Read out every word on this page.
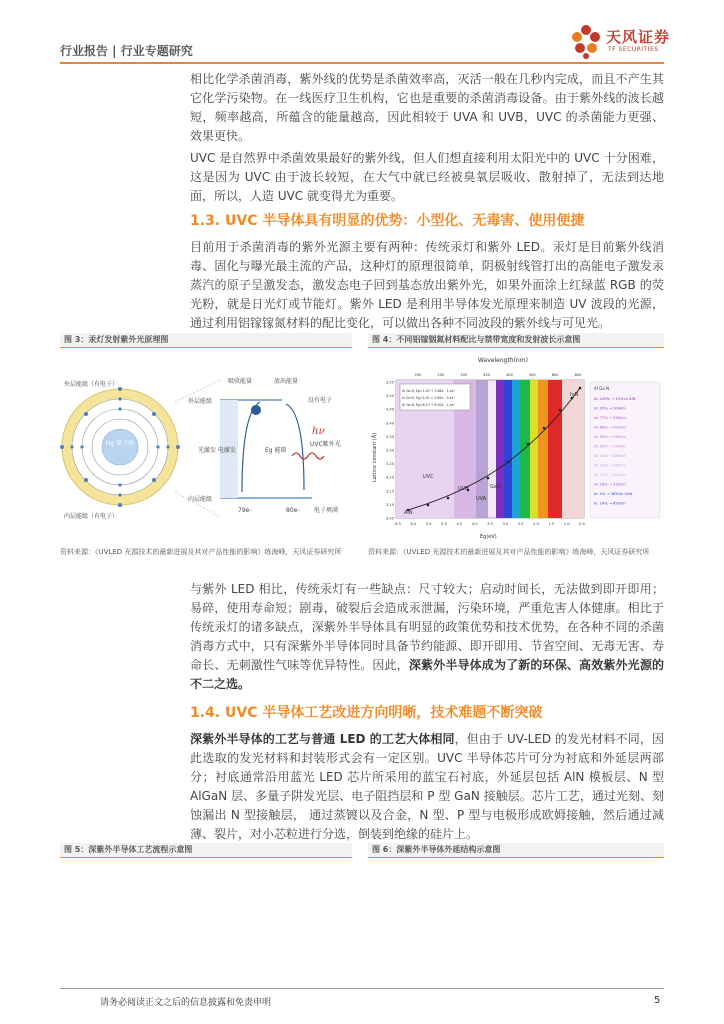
行业报告 | 行业专题研究
天风证券
TF SECURITIES
相比化学杀菌消毒，紫外线的优势是杀菌效率高，灭活一般在几秒内完成，而且不产生其它化学污染物。在一线医疗卫生机构，它也是重要的杀菌消毒设备。由于紫外线的波长越短，频率越高，所蕴含的能量越高，因此相较于 UVA 和 UVB，UVC 的杀菌能力更强、效果更快。
UVC 是自然界中杀菌效果最好的紫外线，但人们想直接利用太阳光中的 UVC 十分困难，这是因为 UVC 由于波长较短，在大气中就已经被臭氧层吸收、散射掉了，无法到达地面，所以，人造 UVC 就变得尤为重要。
1.3. UVC 半导体具有明显的优势：小型化、无毒害、使用便捷
目前用于杀菌消毒的紫外光源主要有两种：传统汞灯和紫外 LED。汞灯是目前紫外线消毒、固化与曝光最主流的产品，这种灯的原理很简单，阴极射线管打出的高能电子激发汞蒸汽的原子呈激发态，激发态电子回到基态放出紫外光，如果外面涂上红绿蓝 RGB 的荧光粉，就是日光灯或节能灯。紫外 LED 是利用半导体发光原理来制造 UV 波段的光源，通过利用铝镓镓氮材料的配比变化，可以做出各种不同波段的紫外线与可见光。
图 3：汞灯发射紫外光原理图	图 4：不同铝镓铟氮材料配比与禁带宽度和发射波长示意图
Hg 原子核
外层能级（有电子）
内层能级（有电子）
吸收能量	放出能量
外层能级
内层能级
光激发 电激发	Eg 能隙
没有电子
hν
UVC紫外光
79e-	80e- 电子填满
Wavelength(nm)
Al Ga N, Eg=1.42 + 2.88x - 1.4x²
In Ga N, Eg=3.42 + 2.65x - 3.4x²
Al Ga N, Eg=6.23 + 6.00x - 1.4x²
UVC
UVB
UVA
AlN
GaN
InN
Lattice constant (Å)
Eg(eV)
3.55
3.50
3.45
3.40
3.35
3.30
3.25
3.20
3.15
3.10
3.05
6.5	6.0	5.5	5.0	4.5	4.0	3.5	3.0	2.5	2.0	1.5	1.0	0.5
200	250	300	350	400	500	600	800
Al Ga N
Al: 100% → 197nm AlN
Al: 95% → 204nm
Al: 77% → 226nm
Al: 68% → 253nm
Al: 60% → 255nm
Al: 50% → 270nm
Al: 44% → 280nm
Al: 39% → 285nm
Al: 30% → 300nm
Al: 18% → 320nm
In: 0% → 365nm GaN
In: 14% → 450nm
资料来源：《UVLED 光源技术的最新进展及其对产品性能的影响》练海峰，天风证券研究所	资料来源：《UVLED 光源技术的最新进展及其对产品性能的影响》练海峰，天风证券研究所
与紫外 LED 相比，传统汞灯有一些缺点：尺寸较大；启动时间长，无法做到即开即用；易碎，使用寿命短；剧毒，破裂后会造成汞泄漏，污染环境，严重危害人体健康。相比于传统汞灯的诸多缺点，深紫外半导体具有明显的政策优势和技术优势，在各种不同的杀菌消毒方式中，只有深紫外半导体同时具备节约能源、即开即用、节省空间、无毒无害、寿命长、无刺激性气味等优异特性。因此，深紫外半导体成为了新的环保、高效紫外光源的不二之选。
1.4. UVC 半导体工艺改进方向明晰，技术难题不断突破
深紫外半导体的工艺与普通 LED 的工艺大体相同，但由于 UV-LED 的发光材料不同，因此选取的发光材料和封装形式会有一定区别。UVC 半导体芯片可分为衬底和外延层两部分；衬底通常沿用蓝光 LED 芯片所采用的蓝宝石衬底，外延层包括 AlN 模板层、N 型 AlGaN 层、多量子阱发光层、电子阻挡层和 P 型 GaN 接触层。芯片工艺，通过光刻、刻蚀漏出 N 型接触层， 通过蒸镀以及合金，N 型、P 型与电极形成欧姆接触，然后通过减薄、裂片，对小芯粒进行分选，倒装到绝缘的硅片上。
图 5：深紫外半导体工艺流程示意图	图 6：深紫外半导体外延结构示意图
请务必阅读正文之后的信息披露和免责申明	5
